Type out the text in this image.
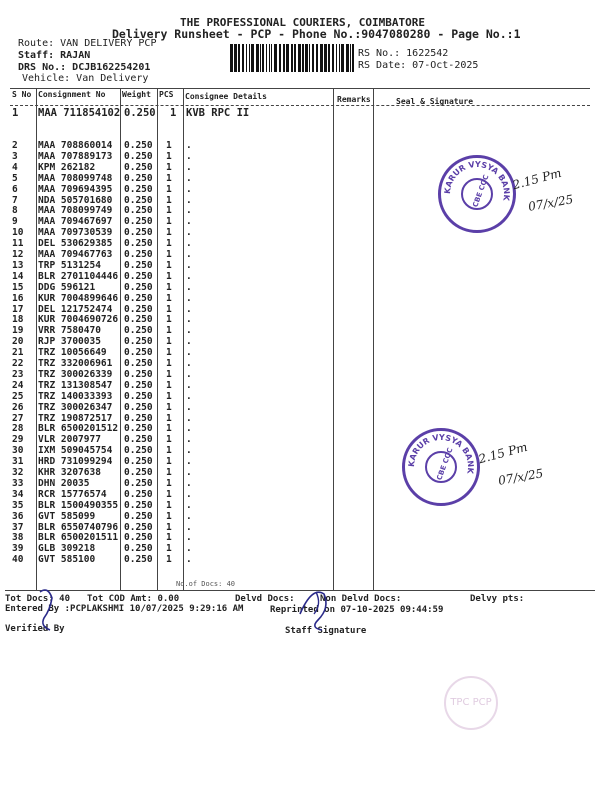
THE PROFESSIONAL COURIERS, COIMBATORE
Delivery Runsheet - PCP - Phone No.:9047080280 - Page No.:1
Route: VAN DELIVERY PCP
Staff: RAJAN
DRS No.: DCJB162254201
Vehicle: Van Delivery
RS No.: 1622542
RS Date: 07-Oct-2025
S No Consignment No Weight PCS Consignee Details	Remarks	Seal & Signature
1 MAA 711854102 0.250 1 KVB RPC II
2 MAA 708860014 0.250 1 .
3 MAA 707889173 0.250 1 .
4 KPM 262182	0.250 1 .
5 MAA 708099748 0.250 1 .
6 MAA 709694395 0.250 1 .
7 NDA 505701680 0.250 1 .
8 MAA 708099749 0.250 1 .
9 MAA 709467697 0.250 1 .
10 MAA 709730539 0.250 1 .
11 DEL 530629385 0.250 1 .
12 MAA 709467763 0.250 1 .
13 TRP 5131254 0.250 1 .
14 BLR 2701104446 0.250 1 .
15 DDG 596121	0.250 1 .
16 KUR 7004899646 0.250 1 .
17 DEL 121752474 0.250 1 .
18 KUR 7004690726 0.250 1 .
19 VRR 7580470 0.250 1 .
20 RJP 3700035 0.250 1 .
21 TRZ 10056649 0.250 1 .
22 TRZ 332006961 0.250 1 .
23 TRZ 300026339 0.250 1 .
24 TRZ 131308547 0.250 1 .
25 TRZ 140033393 0.250 1 .
26 TRZ 300026347 0.250 1 .
27 TRZ 190872517 0.250 1 .
28 BLR 6500201512 0.250 1 .
29 VLR 2007977 0.250 1 .
30 IXM 509045754 0.250 1 .
31 HRD 731099294 0.250 1 .
32 KHR 3207638 0.250 1 .
33 DHN 20035	0.250 1 .
34 RCR 15776574 0.250 1 .
35 BLR 1500490355 0.250 1 .
36 GVT 585099	0.250 1 .
37 BLR 6550740796 0.250 1 .
38 BLR 6500201511 0.250 1 .
39 GLB 309218	0.250 1 .
40 GVT 585100	0.250 1 .
No.of Docs: 40
Tot Docs: 40 Tot COD Amt: 0.00	Delvd Docs:	Non Delvd Docs:	Delvy pts:
Entered By :PCPLAKSHMI 10/07/2025 9:29:16 AM	Reprinted on 07-10-2025 09:44:59
Verified By	Staff Signature
KARUR VYSYA BANK
CBE COC 2.15 Pm
07/x/25
KARUR VYSYA BANK
CBE COC 2.15 Pm
07/x/25
TPC PCP
